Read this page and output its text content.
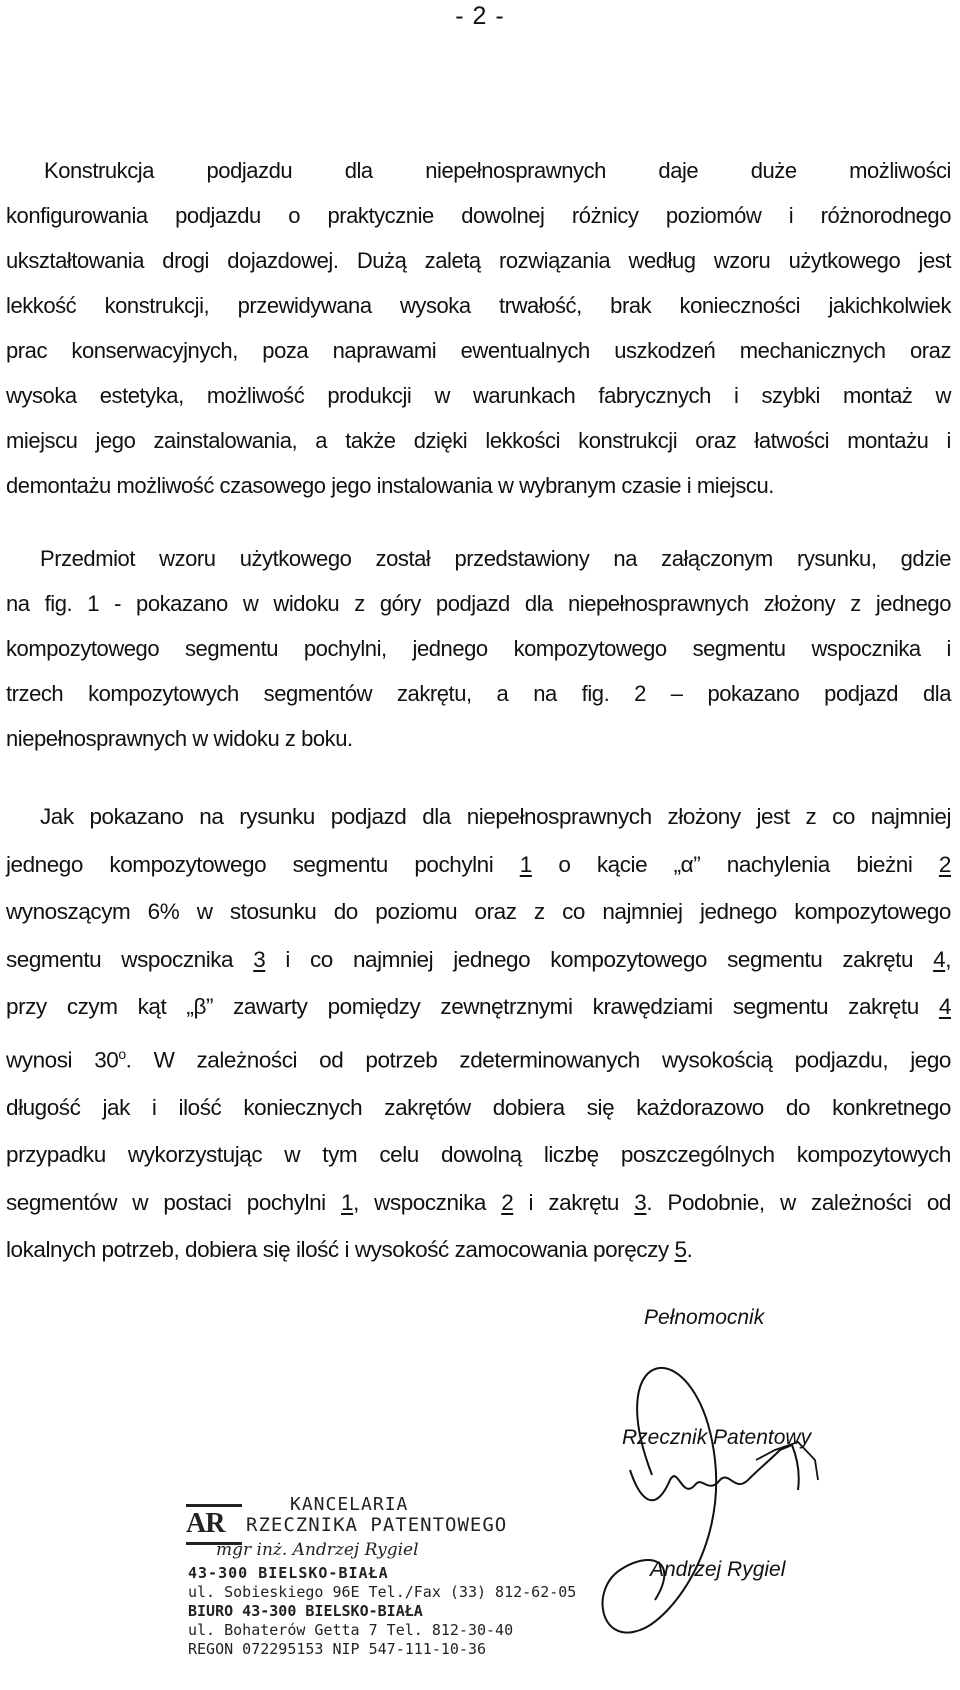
- 2 -
Konstrukcja podjazdu dla niepełnosprawnych daje duże możliwości
konfigurowania podjazdu o praktycznie dowolnej różnicy poziomów i różnorodnego
ukształtowania drogi dojazdowej. Dużą zaletą rozwiązania według wzoru użytkowego jest
lekkość konstrukcji, przewidywana wysoka trwałość, brak konieczności jakichkolwiek
prac konserwacyjnych, poza naprawami ewentualnych uszkodzeń mechanicznych oraz
wysoka estetyka, możliwość produkcji w warunkach fabrycznych i szybki montaż w
miejscu jego zainstalowania, a także dzięki lekkości konstrukcji oraz łatwości montażu i
demontażu możliwość czasowego jego instalowania w wybranym czasie i miejscu.
Przedmiot wzoru użytkowego został przedstawiony na załączonym rysunku, gdzie
na fig. 1 - pokazano w widoku z góry podjazd dla niepełnosprawnych złożony z jednego
kompozytowego segmentu pochylni, jednego kompozytowego segmentu wspocznika i
trzech kompozytowych segmentów zakrętu, a na fig. 2 – pokazano podjazd dla
niepełnosprawnych w widoku z boku.
Jak pokazano na rysunku podjazd dla niepełnosprawnych złożony jest z co najmniej
jednego kompozytowego segmentu pochylni 1 o kącie „α” nachylenia bieżni 2
wynoszącym 6% w stosunku do poziomu oraz z co najmniej jednego kompozytowego
segmentu wspocznika 3 i co najmniej jednego kompozytowego segmentu zakrętu 4,
przy czym kąt „β” zawarty pomiędzy zewnętrznymi krawędziami segmentu zakrętu 4
wynosi 30$^o$. W zależności od potrzeb zdeterminowanych wysokością podjazdu, jego
długość jak i ilość koniecznych zakrętów dobiera się każdorazowo do konkretnego
przypadku wykorzystując w tym celu dowolną liczbę poszczególnych kompozytowych
segmentów w postaci pochylni 1, wspocznika 2 i zakrętu 3. Podobnie, w zależności od
lokalnych potrzeb, dobiera się ilość i wysokość zamocowania poręczy 5.
Pełnomocnik
Rzecznik Patentowy
Andrzej Rygiel
AR
KANCELARIA
RZECZNIKA PATENTOWEGO
mgr inż. Andrzej Rygiel
43-300 BIELSKO-BIAŁA
ul. Sobieskiego 96E Tel./Fax (33) 812-62-05
BIURO 43-300 BIELSKO-BIAŁA
ul. Bohaterów Getta 7 Tel. 812-30-40
REGON 072295153 NIP 547-111-10-36
